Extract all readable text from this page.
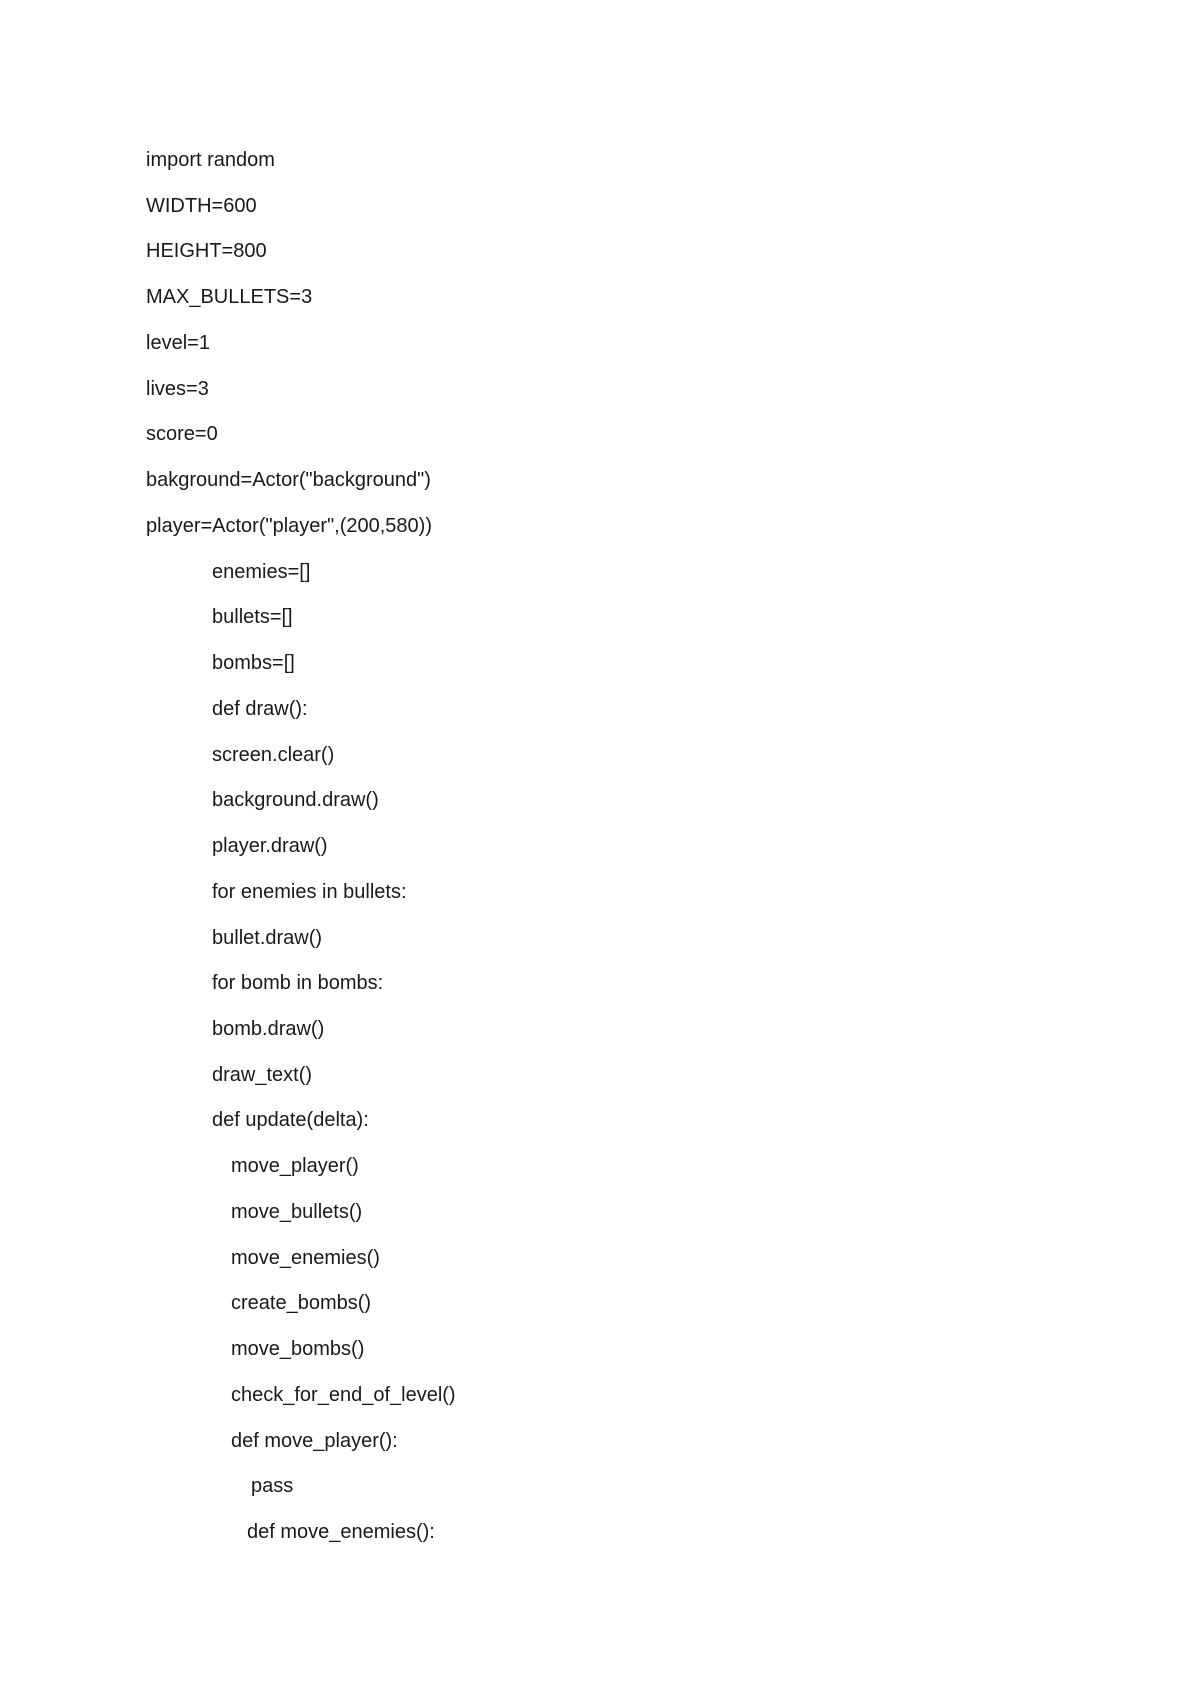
import random
WIDTH=600
HEIGHT=800
MAX_BULLETS=3
level=1
lives=3
score=0
bakground=Actor("background")
player=Actor("player",(200,580))
enemies=[]
bullets=[]
bombs=[]
def draw():
screen.clear()
background.draw()
player.draw()
for enemies in bullets:
bullet.draw()
for bomb in bombs:
bomb.draw()
draw_text()
def update(delta):
move_player()
move_bullets()
move_enemies()
create_bombs()
move_bombs()
check_for_end_of_level()
def move_player():
pass
def move_enemies():
